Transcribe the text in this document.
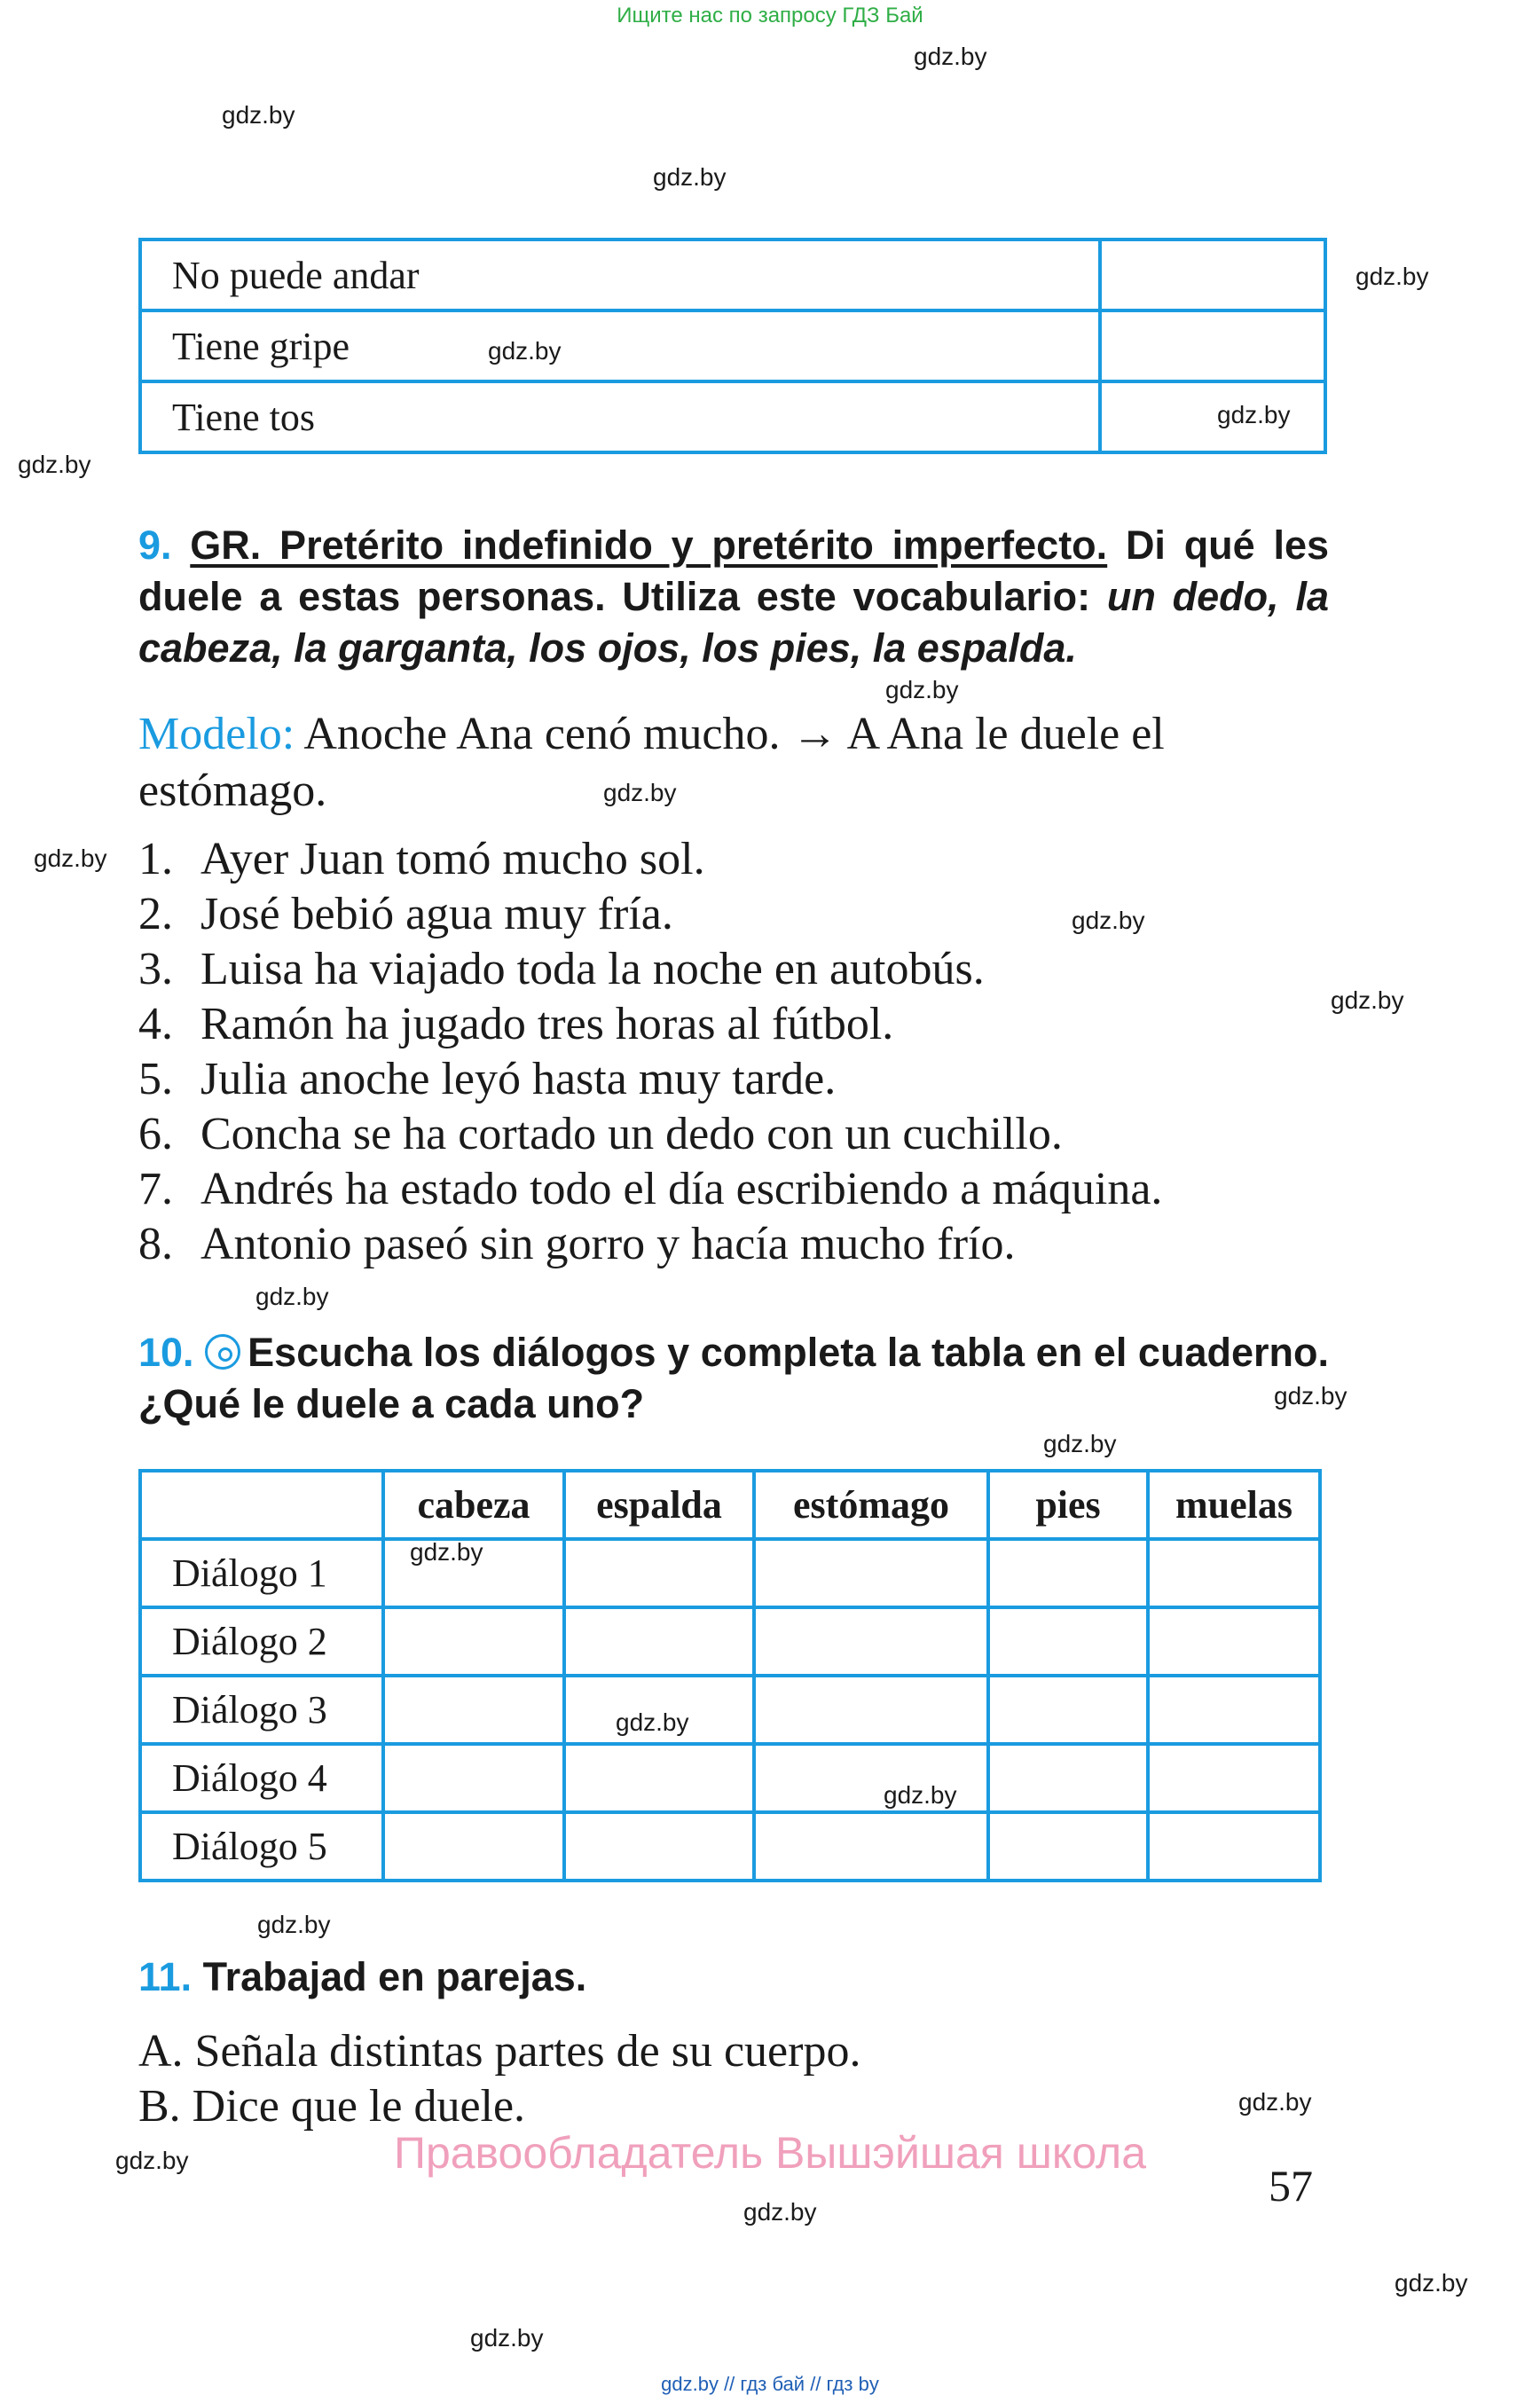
Ищите нас по запросу ГДЗ Бай
No puede andar	
Tiene gripe	
Tiene tos	
9. GR. Pretérito indefinido y pretérito imperfecto. Di qué les duele a estas personas. Utiliza este vocabulario: un dedo, la cabeza, la garganta, los ojos, los pies, la espalda.
Modelo: Anoche Ana cenó mucho. → A Ana le duele el estómago.
1. Ayer Juan tomó mucho sol.
2. José bebió agua muy fría.
3. Luisa ha viajado toda la noche en autobús.
4. Ramón ha jugado tres horas al fútbol.
5. Julia anoche leyó hasta muy tarde.
6. Concha se ha cortado un dedo con un cuchillo.
7. Andrés ha estado todo el día escribiendo a máquina.
8. Antonio paseó sin gorro y hacía mucho frío.
10. Escucha los diálogos y completa la tabla en el cuaderno. ¿Qué le duele a cada uno?
	cabeza	espalda	estómago	pies	muelas
Diálogo 1					
Diálogo 2					
Diálogo 3					
Diálogo 4					
Diálogo 5					
11. Trabajad en parejas.
A. Señala distintas partes de su cuerpo.
B. Dice que le duele.
Правообладатель Вышэйшая школа
57
gdz.by
gdz.by
gdz.by
gdz.by
gdz.by
gdz.by
gdz.by
gdz.by
gdz.by
gdz.by
gdz.by
gdz.by
gdz.by
gdz.by
gdz.by
gdz.by
gdz.by
gdz.by
gdz.by
gdz.by
gdz.by
gdz.by
gdz.by
gdz.by
gdz.by // гдз бай // гдз by
